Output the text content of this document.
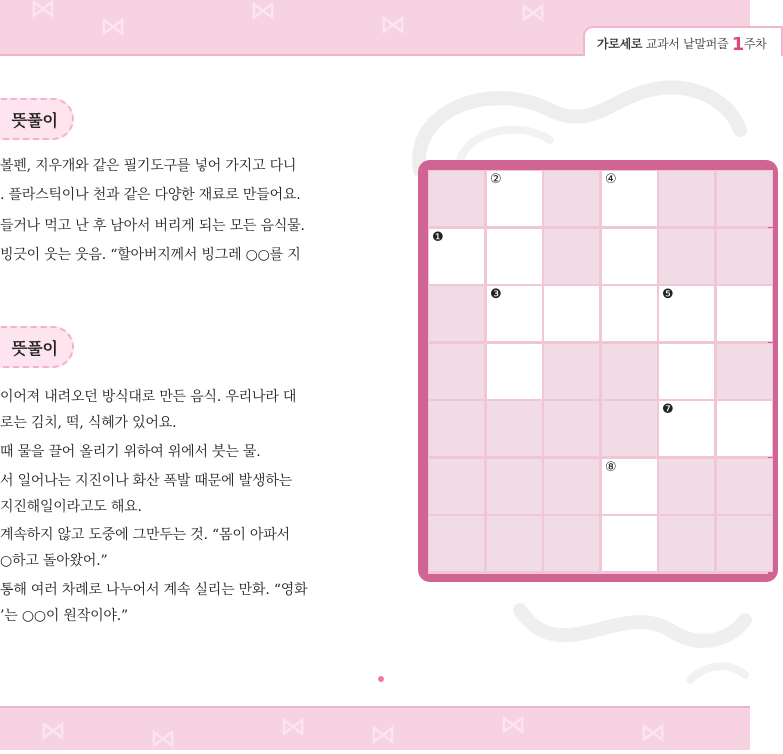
⋈
⋈	⋈	⋈
⋈
가로세로 교과서 낱말퍼즐 1주차
뜻풀이

볼펜, 지우개와 같은 필기도구를 넣어 가지고 다니

. 플라스틱이나 천과 같은 다양한 재료로 만들어요.

들거나 먹고 난 후 남아서 버리게 되는 모든 음식물.

빙긋이 웃는 웃음. “할아버지께서 빙그레 ○○를 지

뜻풀이

이어져 내려오던 방식대로 만든 음식. 우리나라 대

로는 김치, 떡, 식혜가 있어요.

때 물을 끌어 올리기 위하여 위에서 붓는 물.

서 일어나는 지진이나 화산 폭발 때문에 발생하는

지진해일이라고도 해요.

계속하지 않고 도중에 그만두는 것. “몸이 아파서

○하고 돌아왔어.”

통해 여러 차례로 나누어서 계속 실리는 만화. “영화

’는 ○○이 원작이야.”

②	④
❶
❸	❺
❼
⑧
⋈	⋈	⋈ ⋈	⋈	⋈
